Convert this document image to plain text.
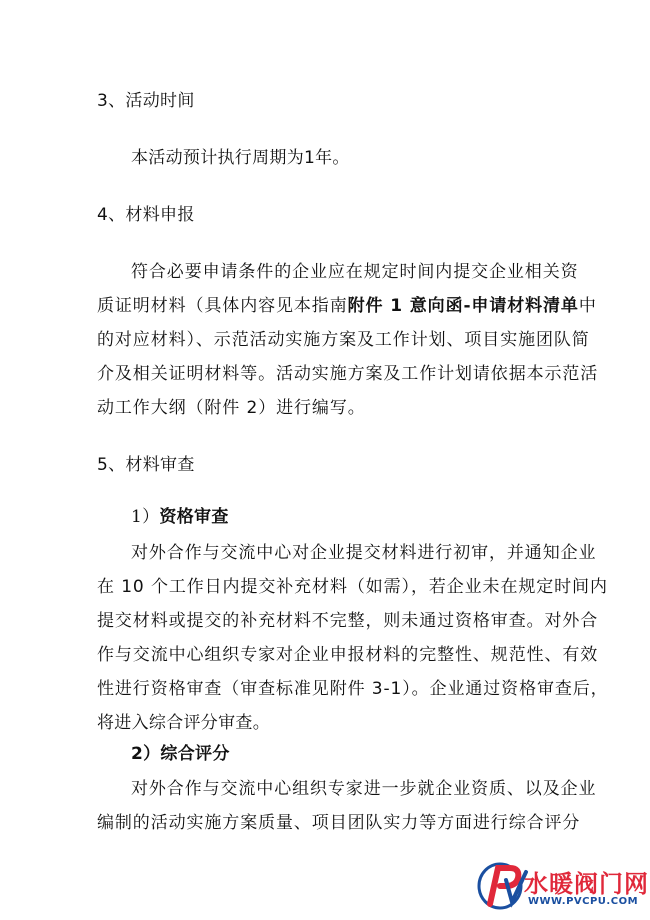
3、活动时间
本活动预计执行周期为1年。
4、材料申报
符合必要申请条件的企业应在规定时间内提交企业相关资
质证明材料（具体内容见本指南附件 1 意向函-申请材料清单中
的对应材料）、示范活动实施方案及工作计划、项目实施团队简
介及相关证明材料等。活动实施方案及工作计划请依据本示范活
动工作大纲（附件 2）进行编写。
5、材料审查
1）资格审查
对外合作与交流中心对企业提交材料进行初审，并通知企业
在 10 个工作日内提交补充材料（如需），若企业未在规定时间内
提交材料或提交的补充材料不完整，则未通过资格审查。对外合
作与交流中心组织专家对企业申报材料的完整性、规范性、有效
性进行资格审查（审查标准见附件 3-1）。企业通过资格审查后，
将进入综合评分审查。
2）综合评分
对外合作与交流中心组织专家进一步就企业资质、以及企业
编制的活动实施方案质量、项目团队实力等方面进行综合评分
水暖阀门网
WWW.PVCPU.COM
